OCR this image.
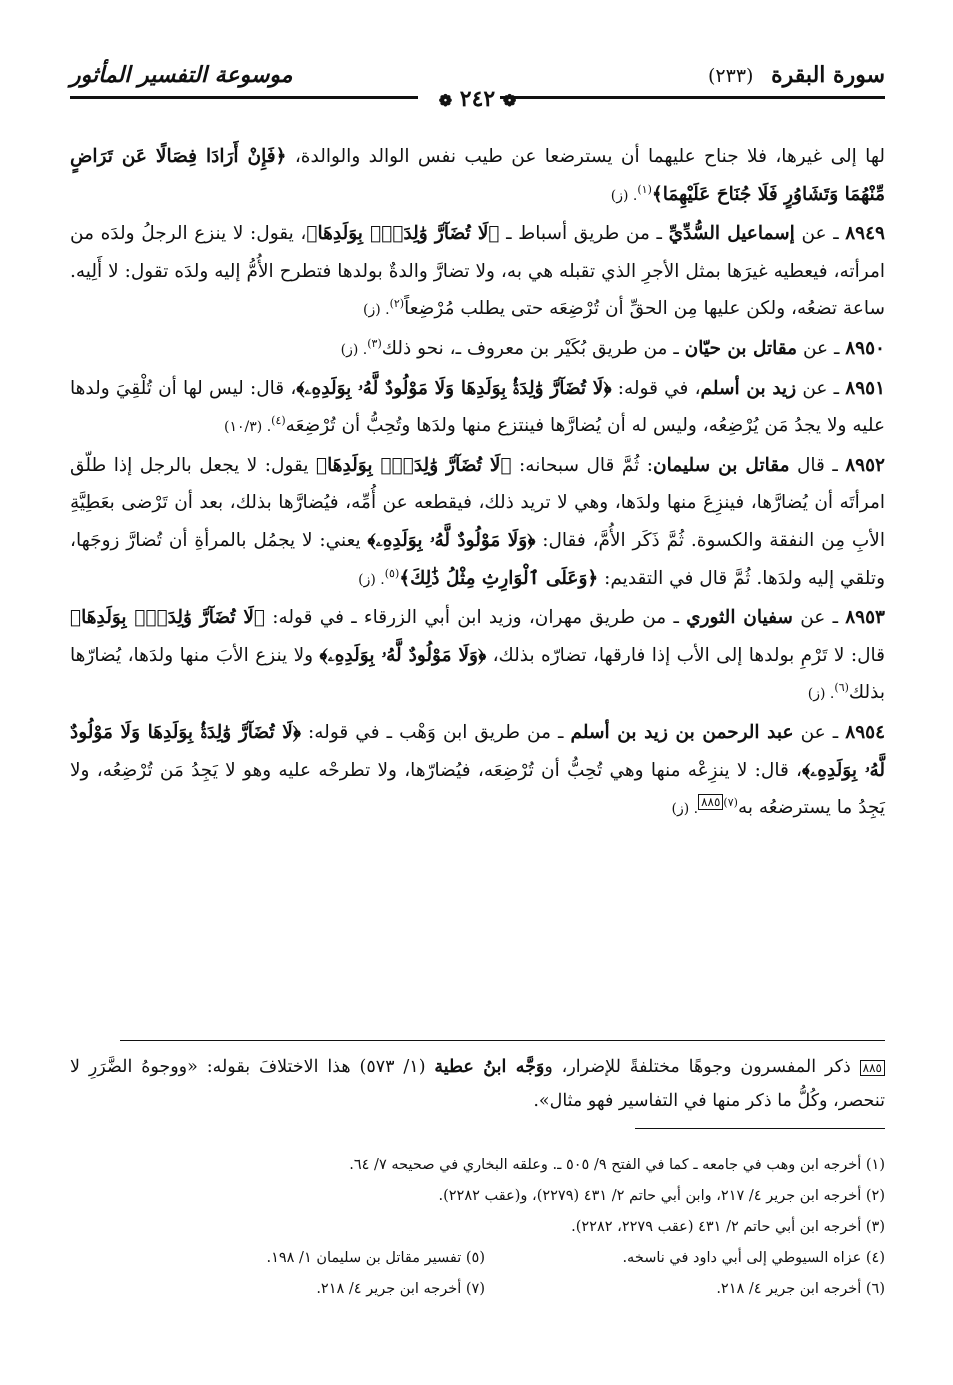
سورة البقرة (٢٣٣)
موسوعة التفسير المأثور
❁ ٢٤٢ ❁

لها إلى غيرها، فلا جناح عليهما أن يسترضعا عن طيب نفس الوالد والوالدة، ﴿فَإِنْ أَرَادَا فِصَالًا عَن تَرَاضٍ مِّنْهُمَا وَتَشَاوُرٍ فَلَا جُنَاحَ عَلَيْهِمَا﴾$^{(١)}$. (ز)

٨٩٤٩ ـ عن إسماعيل السُّدِّيِّ ـ من طريق أسباط ـ ﴿لَا تُضَآرَّ وَٰلِدَةُۢ بِوَلَدِهَا﴾، يقول: لا ينزع الرجلُ ولدَه من امرأته، فيعطيه غيرَها بمثل الأجرِ الذي تقبله هي به، ولا تضارَّ والدةٌ بولدها فتطرح الأُمُّ إليه ولدَه تقول: لا أَلِيه. ساعة تضعُه، ولكن عليها مِن الحقِّ أن تُرْضِعَه حتى يطلب مُرْضِعاً$^{(٢)}$. (ز)

٨٩٥٠ ـ عن مقاتل بن حيّان ـ من طريق بُكَيْر بن معروف ـ، نحو ذلك$^{(٣)}$. (ز)

٨٩٥١ ـ عن زيد بن أسلم، في قوله: ﴿لَا تُضَآرَّ وَٰلِدَةُۢ بِوَلَدِهَا وَلَا مَوْلُودٌ لَّهُۥ بِوَلَدِهِۦ﴾، قال: ليس لها أن تُلْقِيَ ولدها عليه ولا يجدُ مَن يُرْضِعُه، وليس له أن يُضارَّها فينتزع منها ولدَها وتُحِبُّ أن تُرْضِعَه$^{(٤)}$. (١٠/٣)

٨٩٥٢ ـ قال مقاتل بن سليمان: ثُمَّ قال سبحانه: ﴿لَا تُضَآرَّ وَٰلِدَةُۢ بِوَلَدِهَا﴾ يقول: لا يجعل بالرجل إذا طلّق امرأتَه أن يُضارَّها، فينزِعَ منها ولدَها، وهي لا تريد ذلك، فيقطعه عن أُمِّه، فيُضارَّها بذلك، بعد أن تَرْضى بعَطِيَّةِ الأبِ مِن النفقة والكسوة. ثُمَّ ذَكَر الأُمَّ، فقال: ﴿وَلَا مَوْلُودٌ لَّهُۥ بِوَلَدِهِۦ﴾ يعني: لا يجمُل بالمرأةِ أن تُضارَّ زوجَها، وتلقي إليه ولدَها. ثُمَّ قال في التقديم: ﴿وَعَلَى ٱلْوَارِثِ مِثْلُ ذَٰلِكَ﴾$^{(٥)}$. (ز)

٨٩٥٣ ـ عن سفيان الثوري ـ من طريق مهران، وزيد ابن أبي الزرقاء ـ في قوله: ﴿لَا تُضَآرَّ وَٰلِدَةُۢ بِوَلَدِهَا﴾ قال: لا تَرْمِ بولدها إلى الأب إذا فارقها، تضارّه بذلك، ﴿وَلَا مَوْلُودٌ لَّهُۥ بِوَلَدِهِۦ﴾ ولا ينزع الأبَ منها ولدَها، يُضارّها بذلك$^{(٦)}$. (ز)

٨٩٥٤ ـ عن عبد الرحمن بن زيد بن أسلم ـ من طريق ابن وَهْب ـ في قوله: ﴿لَا تُضَآرَّ وَٰلِدَةُۢ بِوَلَدِهَا وَلَا مَوْلُودٌ لَّهُۥ بِوَلَدِهِۦ﴾، قال: لا ينزِعْه منها وهي تُحِبُّ أن تُرْضِعَه، فيُضارّها، ولا تطرحْه عليه وهو لا يَجِدُ مَن تُرْضِعُه، ولا يَجِدُ ما يسترضعُه به$^{(٧)٨٨٥}$. (ز)

٨٨٥ ذكر المفسرون وجوهًا مختلفةً للإضرار، ووَجَّه ابنُ عطية (١/ ٥٧٣) هذا الاختلافَ بقوله: «ووجوهُ الضَّرَرِ لا تنحصر، وكُلُّ ما ذكر منها في التفاسير فهو مثال».
(١) أخرجه ابن وهب في جامعه ـ كما في الفتح ٩/ ٥٠٥ ـ. وعلقه البخاري في صحيحه ٧/ ٦٤.
(٢) أخرجه ابن جرير ٤/ ٢١٧، وابن أبي حاتم ٢/ ٤٣١ (٢٢٧٩)، و(عقب ٢٢٨٢).
(٣) أخرجه ابن أبي حاتم ٢/ ٤٣١ (عقب ٢٢٧٩، ٢٢٨٢).
(٤) عزاه السيوطي إلى أبي داود في ناسخه.
(٥) تفسير مقاتل بن سليمان ١/ ١٩٨.
(٦) أخرجه ابن جرير ٤/ ٢١٨.
(٧) أخرجه ابن جرير ٤/ ٢١٨.
